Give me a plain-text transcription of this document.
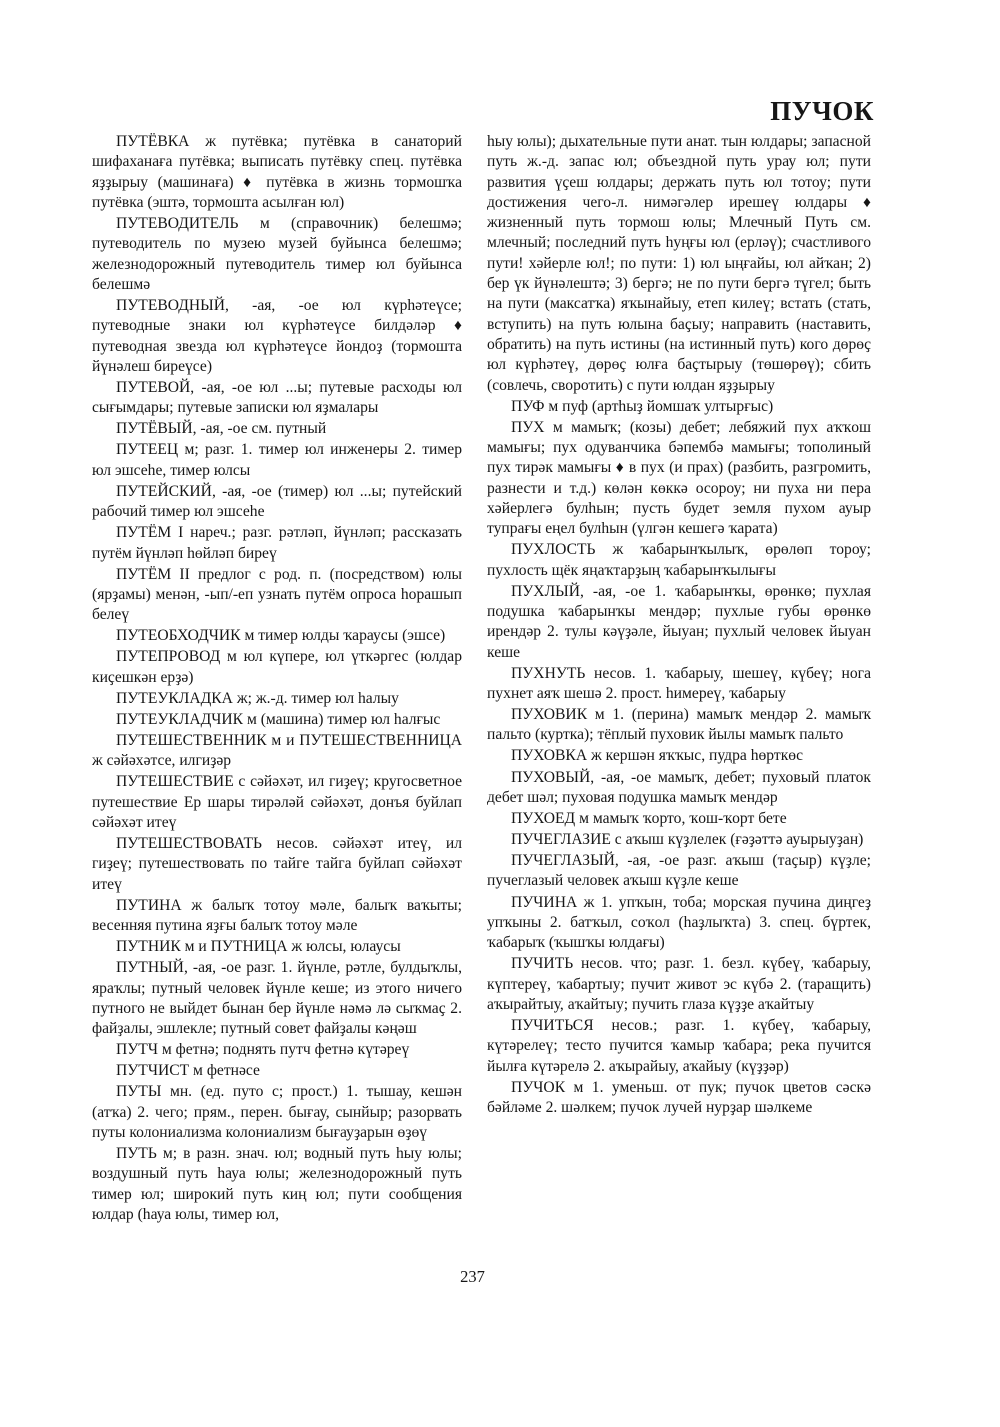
ПУЧОК

ПУТЁВКА ж путёвка; путёвка в санаторий шифаханаға путёвка; выписать путёвку спец. путёвка яҙҙырыу (машинаға) ♦ путёвка в жизнь тормошҡа путёвка (эштә, тормошта асылған юл)

ПУТЕВОДИТЕЛЬ м (справочник) белешмә; путеводитель по музею музей буйынса белешмә; железнодорожный путеводитель тимер юл буйынса белешмә

ПУТЕВОДНЫЙ, -ая, -ое юл күрһәтеүсе; путеводные знаки юл күрһәтеүсе билдәләр ♦ путеводная звезда юл күрһәтеүсе йондоҙ (тормошта йүнәлеш биреүсе)

ПУТЕВОЙ, -ая, -ое юл ...ы; путевые расходы юл сығымдары; путевые записки юл яҙмалары

ПУТЁВЫЙ, -ая, -ое см. путный

ПУТЕЕЦ м; разг. 1. тимер юл инженеры 2. тимер юл эшсеһе, тимер юлсы

ПУТЕЙСКИЙ, -ая, -ое (тимер) юл ...ы; путейский рабочий тимер юл эшсеһе

ПУТЁМ I нареч.; разг. рәтләп, йүнләп; рассказать путём йүнләп һөйләп биреү

ПУТЁМ II предлог с род. п. (посредством) юлы (ярҙамы) менән, -ып/-еп узнать путём опроса һорашып белеү

ПУТЕОБХОДЧИК м тимер юлды ҡараусы (эшсе)

ПУТЕПРОВОД м юл күпере, юл үткәргес (юлдар киҫешкән ерҙә)

ПУТЕУКЛАДКА ж; ж.-д. тимер юл һалыу

ПУТЕУКЛАДЧИК м (машина) тимер юл һалғыс

ПУТЕШЕСТВЕННИК м и ПУТЕШЕСТВЕННИЦА ж сәйәхәтсе, илгиҙәр

ПУТЕШЕСТВИЕ с сәйәхәт, ил гиҙеү; кругосветное путешествие Ер шары тирәләй сәйәхәт, донъя буйлап сәйәхәт итеү

ПУТЕШЕСТВОВАТЬ несов. сәйәхәт итеү, ил гиҙеү; путешествовать по тайге тайга буйлап сәйәхәт итеү

ПУТИНА ж балыҡ тотоу мәле, балыҡ ваҡыты; весенняя путина яҙғы балыҡ тотоу мәле

ПУТНИК м и ПУТНИЦА ж юлсы, юлаусы

ПУТНЫЙ, -ая, -ое разг. 1. йүнле, рәтле, булдыҡлы, яраҡлы; путный человек йүнле кеше; из этого ничего путного не выйдет бынан бер йүнле нәмә лә сыҡмаҫ 2. файҙалы, эшлекле; путный совет файҙалы кәңәш

ПУТЧ м фетнә; поднять путч фетнә күтәреү

ПУТЧИСТ м фетнәсе

ПУТЫ мн. (ед. путо с; прост.) 1. тышау, кешән (атҡа) 2. чего; прям., перен. бығау, сынйыр; разорвать путы колониализма колониализм бығауҙарын өҙөү

ПУТЬ м; в разн. знач. юл; водный путь һыу юлы; воздушный путь һауа юлы; железнодорожный путь тимер юл; широкий путь киң юл; пути сообщения юлдар (һауа юлы, тимер юл,

һыу юлы); дыхательные пути анат. тын юлдары; запасной путь ж.-д. запас юл; объездной путь урау юл; пути развития үҫеш юлдары; держать путь юл тотоу; пути достижения чего-л. нимәгәлер ирешеү юлдары ♦ жизненный путь тормош юлы; Млечный Путь см. млечный; последний путь һуңғы юл (ерләү); счастливого пути! хәйерле юл!; по пути: 1) юл ыңғайы, юл айҡан; 2) бер үк йүнәлештә; 3) бергә; не по пути бергә түгел; быть на пути (максатҡа) яҡынайыу, етеп килеү; встать (стать, вступить) на путь юлына баҫыу; направить (наставить, обратить) на путь истины (на истинный путь) кого дөрөҫ юл күрһәтеү, дөрөҫ юлға баҫтырыу (төшөрөү); сбить (совлечь, своротить) с пути юлдан яҙҙырыу

ПУФ м пуф (артһыҙ йомшаҡ ултырғыс)

ПУХ м мамыҡ; (козы) дебет; лебяжий пух аҡҡош мамығы; пух одуванчика бәпембә мамығы; тополиный пух тирәк мамығы ♦ в пух (и прах) (разбить, разгромить, разнести и т.д.) көлән көккә осороу; ни пуха ни пера хәйерлегә булһын; пусть будет земля пухом ауыр тупрағы еңел булһын (үлгән кешегә ҡарата)

ПУХЛОСТЬ ж ҡабарынҡылыҡ, өрөлөп тороу; пухлость щёк яңаҡтарҙың ҡабарынҡылығы

ПУХЛЫЙ, -ая, -ое 1. ҡабарынҡы, өрөнкө; пухлая подушка ҡабарынҡы мендәр; пухлые губы өрөнкө ирендәр 2. тулы кәүҙәле, йыуан; пухлый человек йыуан кеше

ПУХНУТЬ несов. 1. ҡабарыу, шешеү, күбеү; нога пухнет аяҡ шешә 2. прост. һимереү, ҡабарыу

ПУХОВИК м 1. (перина) мамыҡ мендәр 2. мамыҡ пальто (куртка); тёплый пуховик йылы мамыҡ пальто

ПУХОВКА ж кершән яҡҡыс, пудра һөрткөс

ПУХОВЫЙ, -ая, -ое мамыҡ, дебет; пуховый платок дебет шәл; пуховая подушка мамыҡ мендәр

ПУХОЕД м мамыҡ ҡорто, ҡош-ҡорт бете

ПУЧЕГЛАЗИЕ с аҡыш күҙлелек (ғәҙәттә ауырыуҙан)

ПУЧЕГЛАЗЫЙ, -ая, -ое разг. аҡыш (таҫыр) күҙле; пучеглазый человек аҡыш күҙле кеше

ПУЧИНА ж 1. упҡын, тоба; морская пучина диңгеҙ упҡыны 2. батҡыл, соҡол (һаҙлыҡта) 3. спец. бүртек, ҡабарыҡ (ҡышҡы юлдағы)

ПУЧИТЬ несов. что; разг. 1. безл. күбеү, ҡабарыу, күптереү, ҡабартыу; пучит живот эс күбә 2. (таращить) аҡырайтыу, аҡайтыу; пучить глаза күҙҙе аҡайтыу

ПУЧИТЬСЯ несов.; разг. 1. күбеү, ҡабарыу, күтәрелеү; тесто пучится ҡамыр ҡабара; река пучится йылға күтәрелә 2. аҡырайыу, аҡайыу (күҙҙәр)

ПУЧОК м 1. уменьш. от пук; пучок цветов сәскә бәйләме 2. шәлкем; пучок лучей нурҙар шәлкеме

237
